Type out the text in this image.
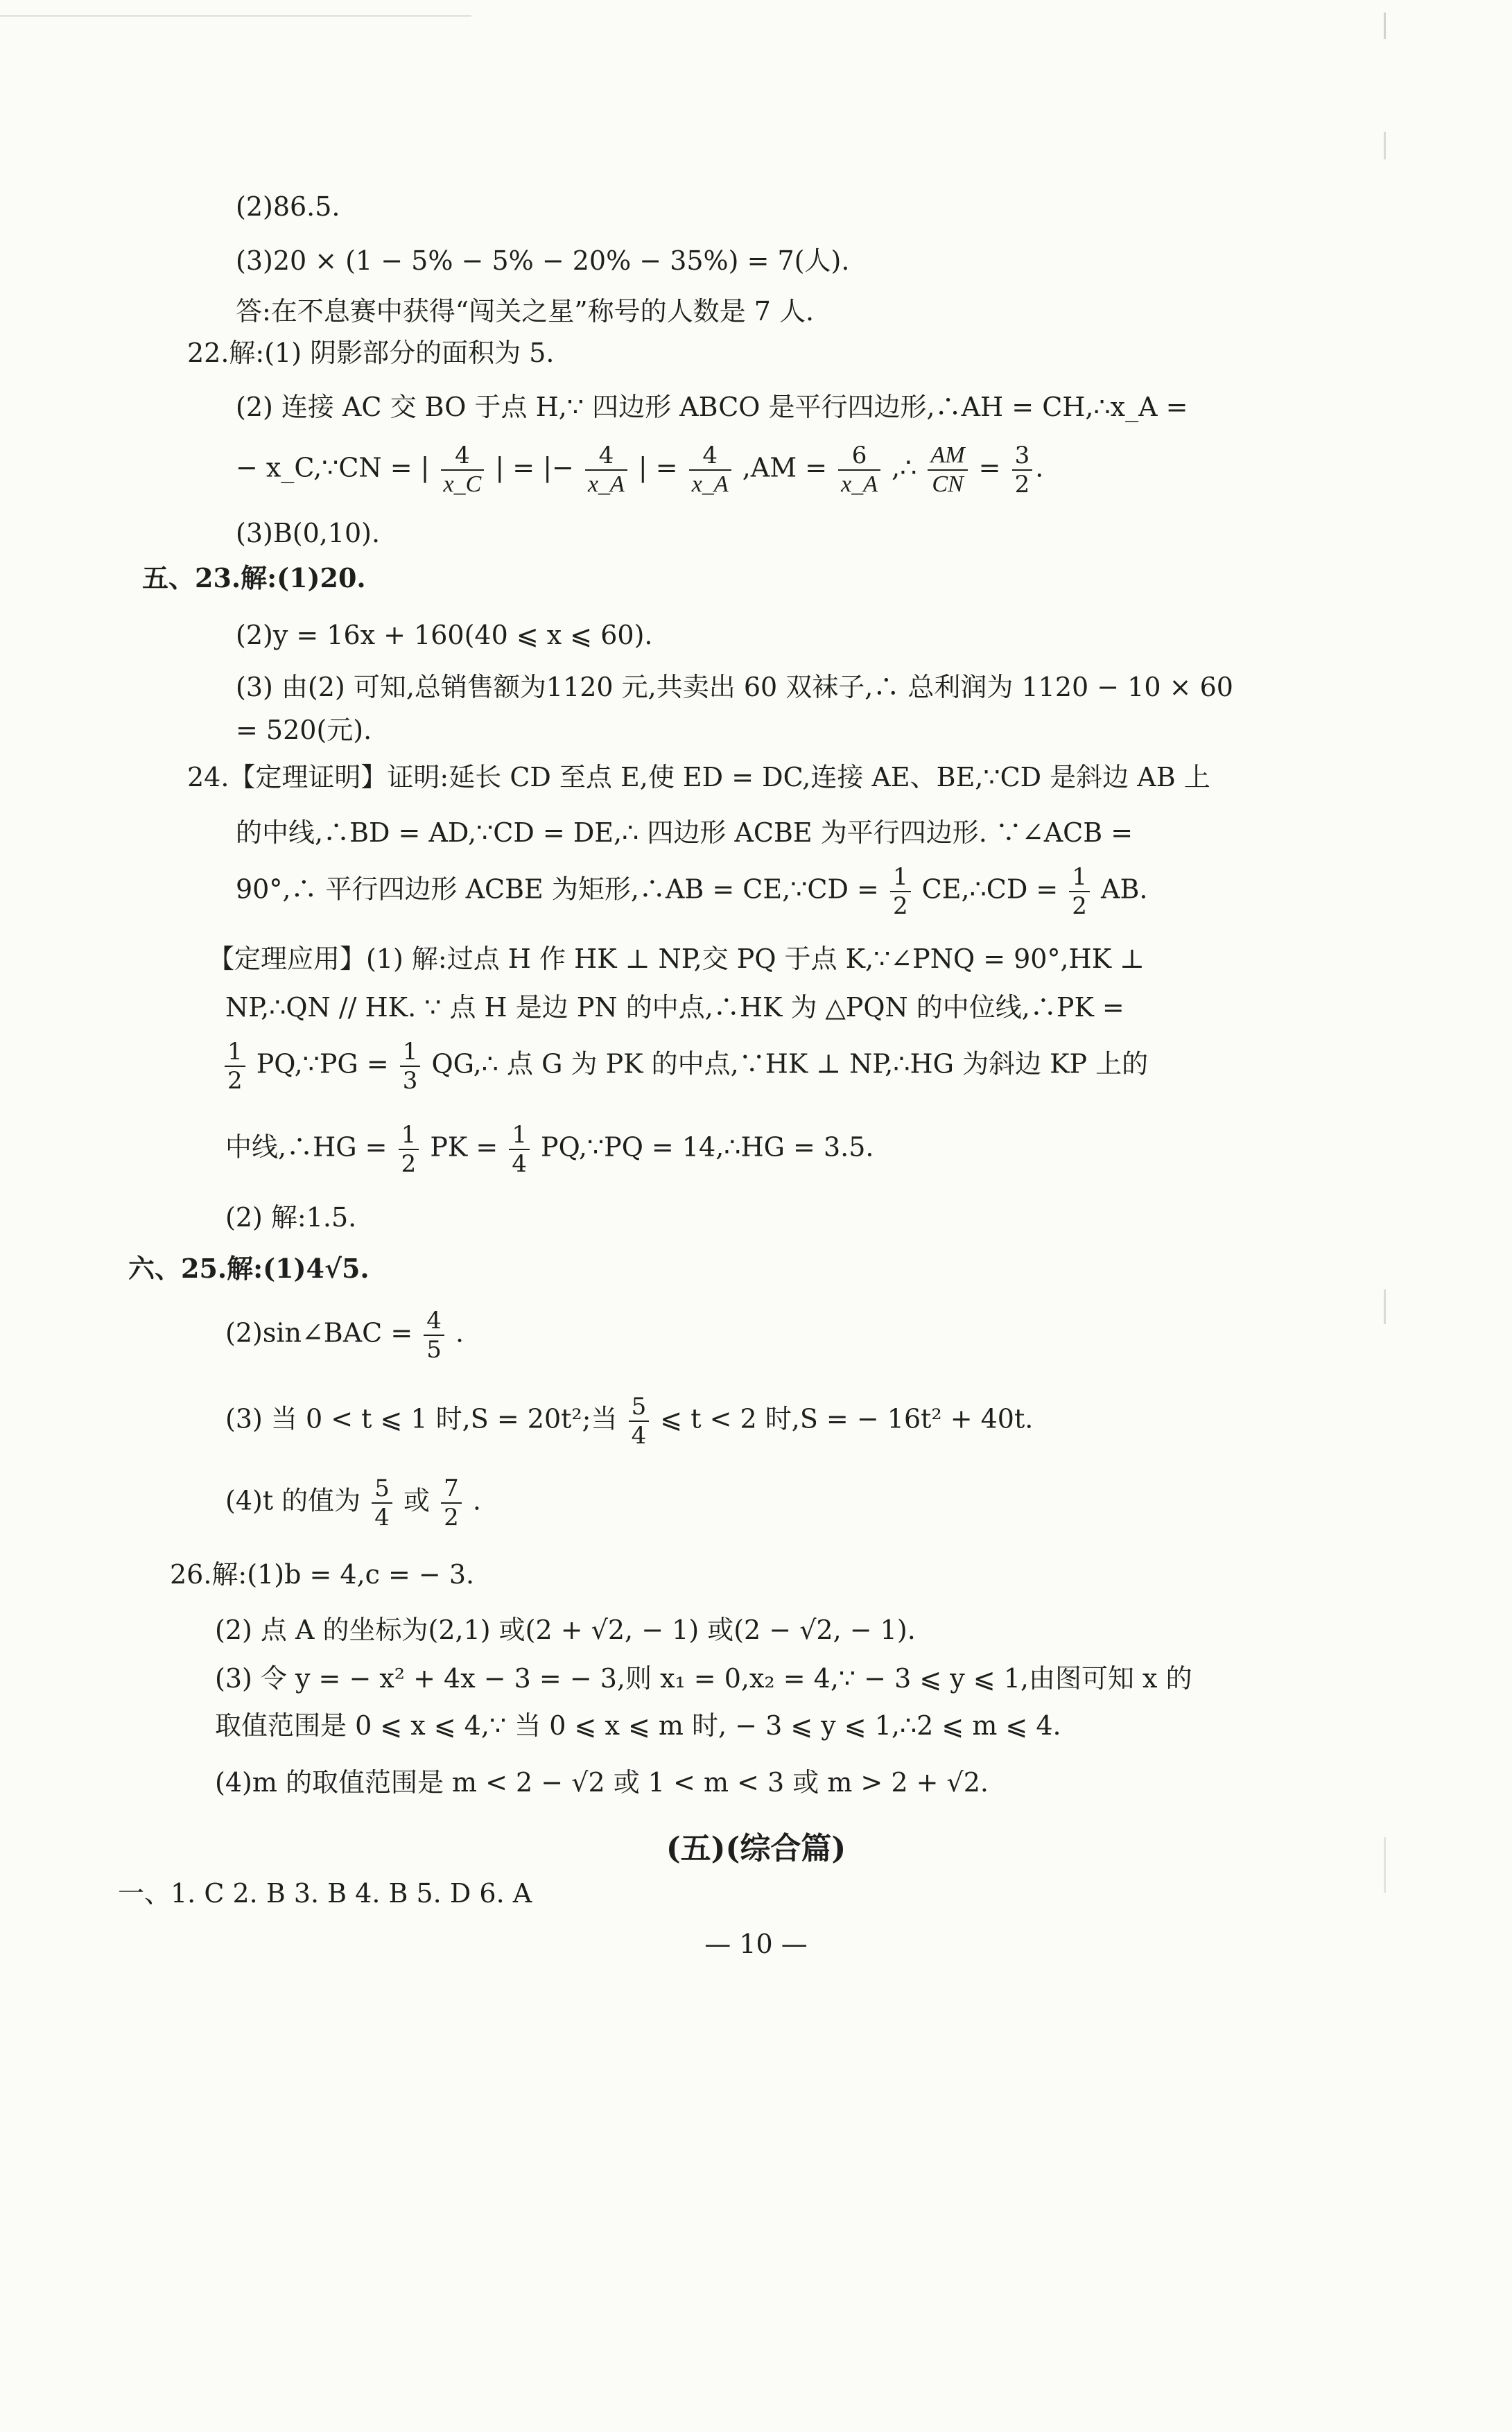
(2)86.5.
(3)20 × (1 − 5% − 5% − 20% − 35%) = 7(人).
答:在不息赛中获得“闯关之星”称号的人数是 7 人.
22.解:(1) 阴影部分的面积为 5.
(2) 连接 AC 交 BO 于点 H,∵ 四边形 ABCO 是平行四边形,∴AH = CH,∴x_A =
− x_C,∵CN = | $\frac{4}{x\_C}$ | = |− $\frac{4}{x\_A}$ | = $\frac{4}{x\_A} ,AM = \frac{6}{x\_A}$ ,∴ $\frac{AM}{CN} = \frac{3}{2}$ .
(3)B(0,10).
五、23.解:(1)20.
(2)y = 16x + 160(40 ⩽ x ⩽ 60).
(3) 由(2) 可知,总销售额为1120 元,共卖出 60 双袜子,∴ 总利润为 1120 − 10 × 60
= 520(元).
24.【定理证明】证明:延长 CD 至点 E,使 ED = DC,连接 AE、BE,∵CD 是斜边 AB 上
的中线,∴BD = AD,∵CD = DE,∴ 四边形 ACBE 为平行四边形. ∵∠ACB =
90°,∴ 平行四边形 ACBE 为矩形,∴AB = CE,∵CD = $\frac{1}{2}$ CE,∴CD = $\frac{1}{2}$ AB.
【定理应用】(1) 解:过点 H 作 HK ⊥ NP,交 PQ 于点 K,∵∠PNQ = 90°,HK ⊥
NP,∴QN // HK. ∵ 点 H 是边 PN 的中点,∴HK 为 △PQN 的中位线,∴PK =
$\frac{1}{2}$ PQ,∵PG = $\frac{1}{3}$ QG,∴ 点 G 为 PK 的中点,∵HK ⊥ NP,∴HG 为斜边 KP 上的
中线,∴HG = $\frac{1}{2}$ PK = $\frac{1}{4}$ PQ,∵PQ = 14,∴HG = 3.5.
(2) 解:1.5.
六、25.解:(1)4√5.
(2)sin∠BAC = $\frac{4}{5}$ .
(3) 当 0 < t ⩽ 1 时,S = 20t²;当 $\frac{5}{4}$ ⩽ t < 2 时,S = − 16t² + 40t.
(4)t 的值为 $\frac{5}{4}$ 或 $\frac{7}{2}$ .
26.解:(1)b = 4,c = − 3.
(2) 点 A 的坐标为(2,1) 或(2 + √2, − 1) 或(2 − √2, − 1).
(3) 令 y = − x² + 4x − 3 = − 3,则 x₁ = 0,x₂ = 4,∵ − 3 ⩽ y ⩽ 1,由图可知 x 的
取值范围是 0 ⩽ x ⩽ 4,∵ 当 0 ⩽ x ⩽ m 时, − 3 ⩽ y ⩽ 1,∴2 ⩽ m ⩽ 4.
(4)m 的取值范围是 m < 2 − √2 或 1 < m < 3 或 m > 2 + √2.
(五)(综合篇)
一、1. C 2. B 3. B 4. B 5. D 6. A
— 10 —
